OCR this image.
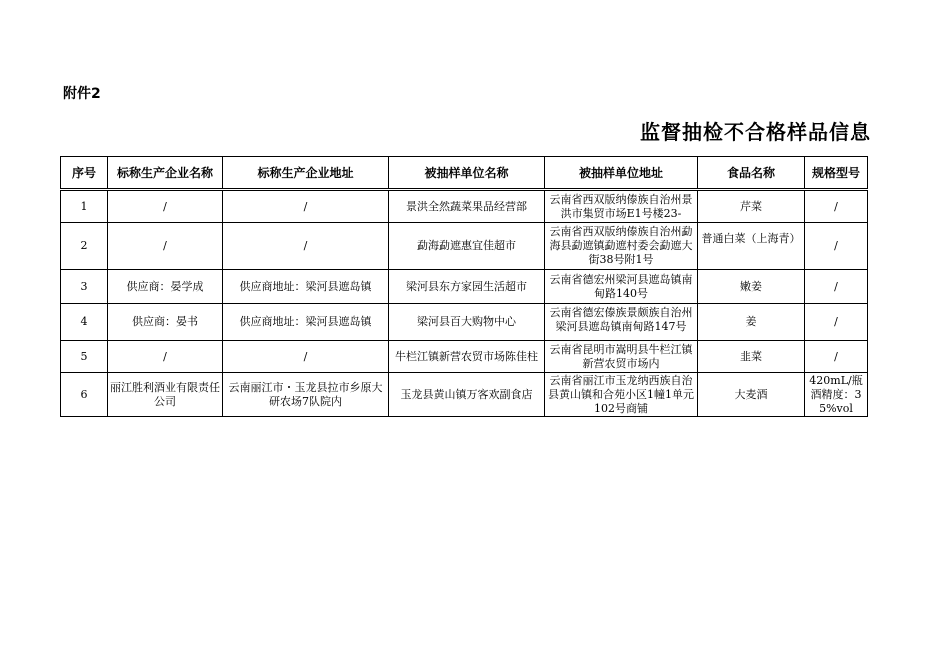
附件2
监督抽检不合格样品信息
序号	标称生产企业名称	标称生产企业地址	被抽样单位名称	被抽样单位地址	食品名称	规格型号
1	/	/	景洪全然蔬菜果品经营部	云南省西双版纳傣族自治州景洪市集贸市场E1号楼23-	芹菜	/
2	/	/	勐海勐遮惠宜佳超市	云南省西双版纳傣族自治州勐海县勐遮镇勐遮村委会勐遮大街38号附1号	普通白菜（上海青）	/
3	供应商：晏学成	供应商地址：梁河县遮岛镇	梁河县东方家园生活超市	云南省德宏州梁河县遮岛镇南甸路140号	嫩姜	/
4	供应商：晏书	供应商地址：梁河县遮岛镇	梁河县百大购物中心	云南省德宏傣族景颇族自治州梁河县遮岛镇南甸路147号	姜	/
5	/	/	牛栏江镇新营农贸市场陈佳柱	云南省昆明市嵩明县牛栏江镇新营农贸市场内	韭菜	/
6	丽江胜利酒业有限责任公司	云南丽江市・玉龙县拉市乡原大研农场7队院内	玉龙县黄山镇万客欢副食店	云南省丽江市玉龙纳西族自治县黄山镇和合苑小区1幢1单元102号商铺	大麦酒	420mL/瓶酒精度：35%vol
